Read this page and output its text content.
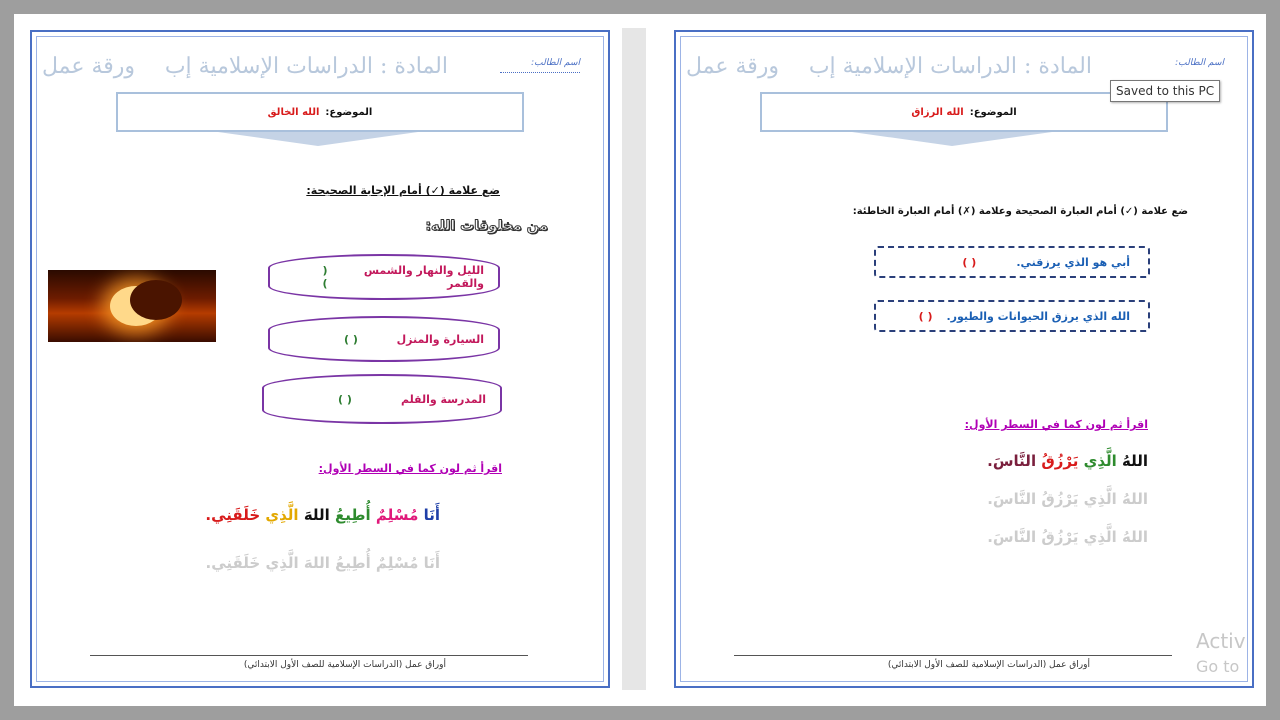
اسم الطالب:
المادة : الدراسات الإسلامية إب
ورقة عمل
الموضوع:
الله الخالق
ضع علامة (✓) أمام الإجابة الصحيحة:
من مخلوقات الله:
الليل والنهار والشمس والقمر
( )
السيارة والمنزل
( )
المدرسة والقلم
( )
اقرأ ثم لون كما في السطر الأول:
أَنَا مُسْلِمٌ أُطِيعُ اللهَ الَّذِي خَلَقَنِي.
أَنَا مُسْلِمٌ أُطِيعُ اللهَ الَّذِي خَلَقَنِي.
أوراق عمل (الدراسات الإسلامية للصف الأول الابتدائي)
اسم الطالب:
المادة : الدراسات الإسلامية إب
ورقة عمل
الموضوع:
الله الرزاق
ضع علامة (✓) أمام العبارة الصحيحة وعلامة (✗) أمام العبارة الخاطئة:
أبي هو الذي يرزقني.
( )
الله الذي يرزق الحيوانات والطيور.
( )
اقرأ ثم لون كما في السطر الأول:
اللهُ الَّذِي يَرْزُقُ النَّاسَ.
اللهُ الَّذِي يَرْزُقُ النَّاسَ.
اللهُ الَّذِي يَرْزُقُ النَّاسَ.
أوراق عمل (الدراسات الإسلامية للصف الأول الابتدائي)
Saved to this PC
Activ
Go to
